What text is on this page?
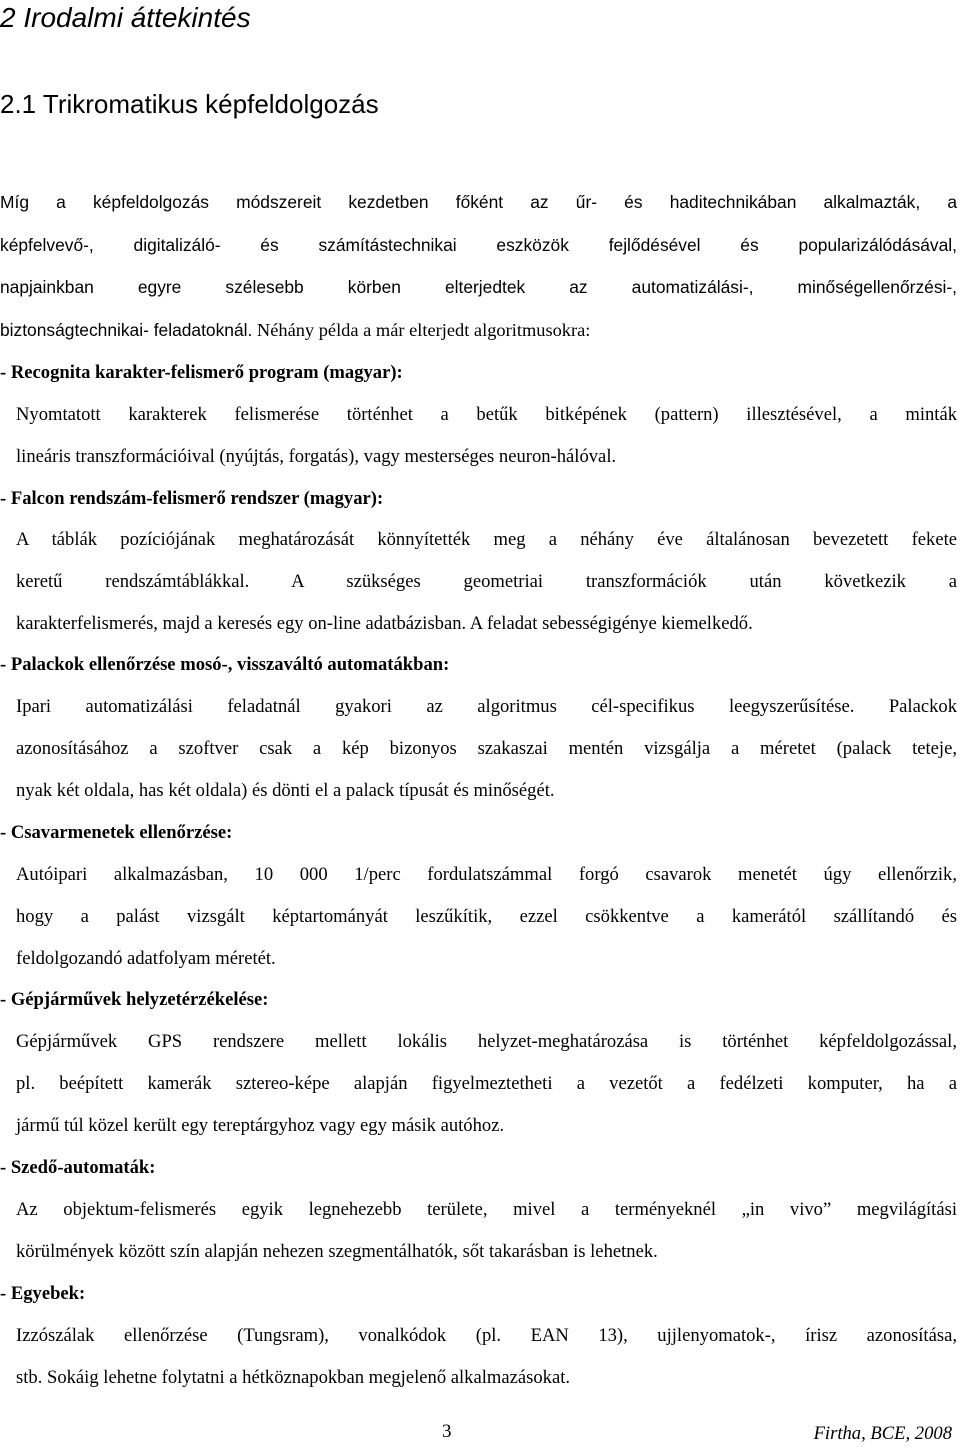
2 Irodalmi áttekintés
2.1 Trikromatikus képfeldolgozás
Míg a képfeldolgozás módszereit kezdetben főként az űr- és haditechnikában alkalmazták, a
képfelvevő-, digitalizáló- és számítástechnikai eszközök fejlődésével és popularizálódásával,
napjainkban egyre szélesebb körben elterjedtek az automatizálási-, minőségellenőrzési-,
biztonságtechnikai- feladatoknál. Néhány példa a már elterjedt algoritmusokra:
- Recognita karakter-felismerő program (magyar):
Nyomtatott karakterek felismerése történhet a betűk bitképének (pattern) illesztésével, a minták
lineáris transzformációival (nyújtás, forgatás), vagy mesterséges neuron-hálóval.
- Falcon rendszám-felismerő rendszer (magyar):
A táblák pozíciójának meghatározását könnyítették meg a néhány éve általánosan bevezetett fekete
keretű rendszámtáblákkal. A szükséges geometriai transzformációk után következik a
karakterfelismerés, majd a keresés egy on-line adatbázisban. A feladat sebességigénye kiemelkedő.
- Palackok ellenőrzése mosó-, visszaváltó automatákban:
Ipari automatizálási feladatnál gyakori az algoritmus cél-specifikus leegyszerűsítése. Palackok
azonosításához a szoftver csak a kép bizonyos szakaszai mentén vizsgálja a méretet (palack teteje,
nyak két oldala, has két oldala) és dönti el a palack típusát és minőségét.
- Csavarmenetek ellenőrzése:
Autóipari alkalmazásban, 10 000 1/perc fordulatszámmal forgó csavarok menetét úgy ellenőrzik,
hogy a palást vizsgált képtartományát leszűkítik, ezzel csökkentve a kamerától szállítandó és
feldolgozandó adatfolyam méretét.
- Gépjárművek helyzetérzékelése:
Gépjárművek GPS rendszere mellett lokális helyzet-meghatározása is történhet képfeldolgozással,
pl. beépített kamerák sztereo-képe alapján figyelmeztetheti a vezetőt a fedélzeti komputer, ha a
jármű túl közel került egy tereptárgyhoz vagy egy másik autóhoz.
- Szedő-automaták:
Az objektum-felismerés egyik legnehezebb területe, mivel a terményeknél „in vivo” megvilágítási
körülmények között szín alapján nehezen szegmentálhatók, sőt takarásban is lehetnek.
- Egyebek:
Izzószálak ellenőrzése (Tungsram), vonalkódok (pl. EAN 13), ujjlenyomatok-, írisz azonosítása,
stb. Sokáig lehetne folytatni a hétköznapokban megjelenő alkalmazásokat.
3	Firtha, BCE, 2008
